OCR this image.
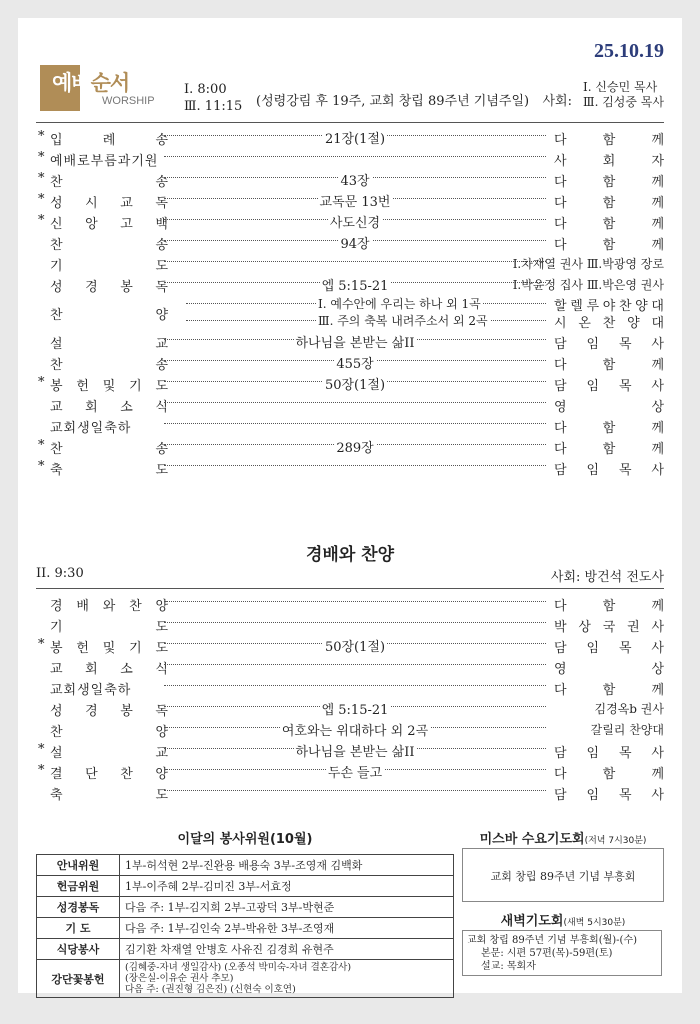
25.10.19
예배순서
WORSHIP
Ⅰ. 8:00
Ⅲ. 11:15 (성령강림 후 19주, 교회 창립 89주년 기념주일) 사회:
Ⅰ. 신승민 목사
Ⅲ. 김성중 목사
* 입	례	송	21장(1절)	다	함	께
* 예배로부름과기원	사	회	자
* 찬	송	43장	다	함	께
* 성 시 교 독	교독문 13번	다	함	께
* 신 앙 고 백	사도신경	다	함	께
찬	송	94장	다	함	께
기	도	Ⅰ.차재열 권사 Ⅲ.박광영 장로
성 경 봉 독	엡 5:15-21	Ⅰ.박윤정 집사 Ⅲ.박은영 권사
찬	양
Ⅰ. 예수안에 우리는 하나 외 1곡	할 렐 루 야 찬 양 대
Ⅲ. 주의 축복 내려주소서 외 2곡	시 온 찬 양 대
설	교	하나님을 본받는 삶II	담 임 목 사
찬	송	455장	다	함	께
* 봉 헌 및 기 도	50장(1절)	담 임 목 사
교 회 소 식	영	상
교회생일축하	다	함	께
* 찬	송	289장	다	함	께
* 축	도	담 임 목 사
경배와 찬양
II. 9:30	사회: 방건석 전도사
경 배 와 찬 양	다	함	께
기	도	박 상 국 권 사
* 봉 헌 및 기 도	50장(1절)	담 임 목 사
교 회 소 식	영	상
교회생일축하	다	함	께
성 경 봉 독	엡 5:15-21	김경옥b 권사
찬	양	여호와는 위대하다 외 2곡	갈릴리 찬양대
* 설	교	하나님을 본받는 삶II	담 임 목 사
* 결 단 찬 양	두손 들고	다	함	께
축	도	담 임 목 사
이달의 봉사위원(10월)
안내위원	1부-허석현 2부-진완용 배용숙 3부-조영재 김백화
헌금위원	1부-이주혜 2부-김미진 3부-서효정
성경봉독	다음 주: 1부-김지희 2부-고광덕 3부-박현준
기 도	다음 주: 1부-김인숙 2부-박유한 3부-조영재
식당봉사	김기환 차재열 안병호 사유진 김경희 유현주
강단꽃봉헌	(김혜중-자녀 생일감사) (오종석 박미숙-자녀 결혼감사)
(장은실-이유순 권사 추모)
다음 주: (권진형 김은진) (신현숙 이호연)
미스바 수요기도회(저녁 7시30분)
교회 창립 89주년 기념 부흥회
새벽기도회(새벽 5시30분)
교회 창립 89주년 기념 부흥회(월)-(수)
본문: 시편 57편(목)-59편(토)
설교: 목회자
